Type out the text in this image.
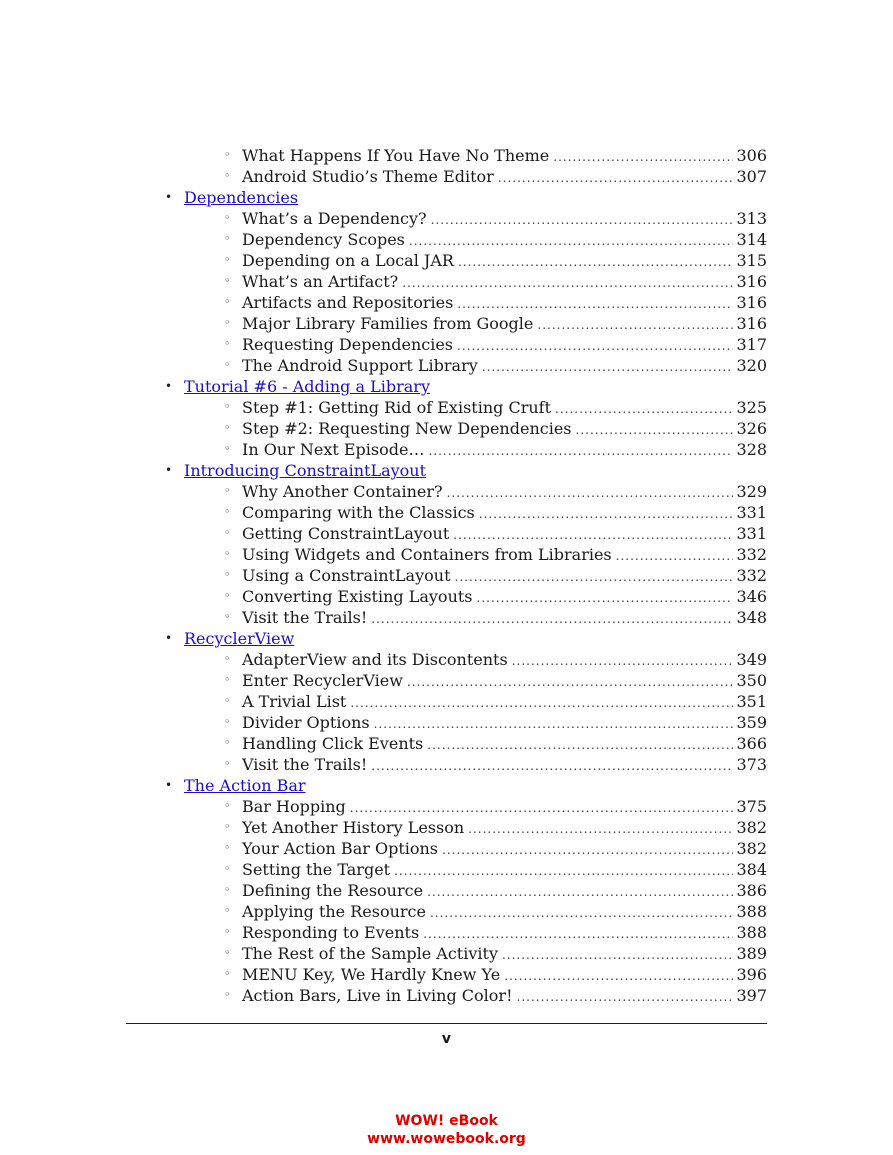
◦ What Happens If You Have No Theme .....	306
◦ Android Studio’s Theme Editor .....	307
• Dependencies
◦ What’s a Dependency? .....	313
◦ Dependency Scopes .....	314
◦ Depending on a Local JAR .....	315
◦ What’s an Artifact? .....	316
◦ Artifacts and Repositories .....	316
◦ Major Library Families from Google .....	316
◦ Requesting Dependencies .....	317
◦ The Android Support Library .....	320
• Tutorial #6 - Adding a Library
◦ Step #1: Getting Rid of Existing Cruft .....	325
◦ Step #2: Requesting New Dependencies .....	326
◦ In Our Next Episode… .....	328
• Introducing ConstraintLayout
◦ Why Another Container? .....	329
◦ Comparing with the Classics .....	331
◦ Getting ConstraintLayout .....	331
◦ Using Widgets and Containers from Libraries .....	332
◦ Using a ConstraintLayout .....	332
◦ Converting Existing Layouts .....	346
◦ Visit the Trails! .....	348
• RecyclerView
◦ AdapterView and its Discontents .....	349
◦ Enter RecyclerView .....	350
◦ A Trivial List .....	351
◦ Divider Options .....	359
◦ Handling Click Events .....	366
◦ Visit the Trails! .....	373
• The Action Bar
◦ Bar Hopping .....	375
◦ Yet Another History Lesson .....	382
◦ Your Action Bar Options .....	382
◦ Setting the Target .....	384
◦ Defining the Resource .....	386
◦ Applying the Resource .....	388
◦ Responding to Events .....	388
◦ The Rest of the Sample Activity .....	389
◦ MENU Key, We Hardly Knew Ye .....	396
◦ Action Bars, Live in Living Color! .....	397
v
WOW! eBook
www.wowebook.org
